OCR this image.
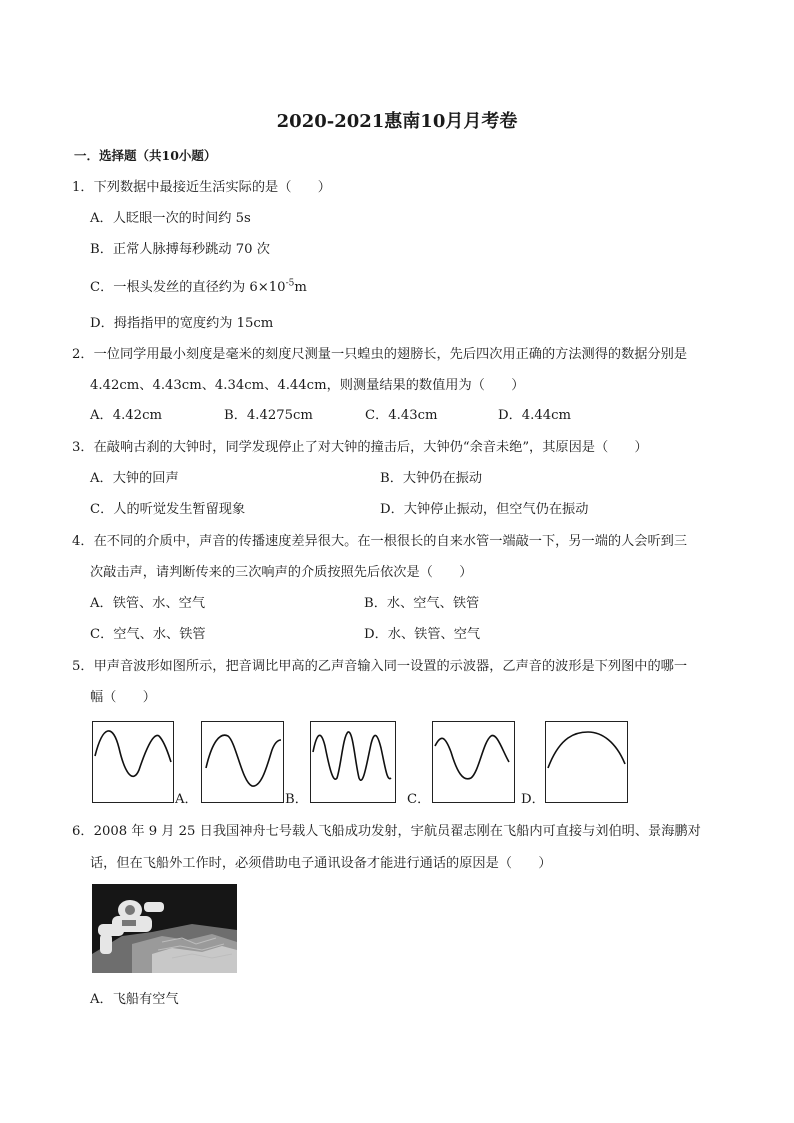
2020-2021惠南10月月考卷
一．选择题（共10小题）
1．下列数据中最接近生活实际的是（　　）
A．人眨眼一次的时间约 5s
B．正常人脉搏每秒跳动 70 次
C．一根头发丝的直径约为 $6\times 10^{-5}m$
D．拇指指甲的宽度约为 15cm
2．一位同学用最小刻度是毫米的刻度尺测量一只蝗虫的翅膀长，先后四次用正确的方法测得的数据分别是
4.42cm、4.43cm、4.34cm、4.44cm，则测量结果的数值用为（　　）
A．4.42cm	B．4.4275cm	C．4.43cm	D．4.44cm
3．在敲响古刹的大钟时，同学发现停止了对大钟的撞击后，大钟仍“余音未绝”，其原因是（　　）
A．大钟的回声	B．大钟仍在振动
C．人的听觉发生暂留现象	D．大钟停止振动，但空气仍在振动
4．在不同的介质中，声音的传播速度差异很大。在一根很长的自来水管一端敲一下，另一端的人会听到三
次敲击声，请判断传来的三次响声的介质按照先后依次是（　　）
A．铁管、水、空气	B．水、空气、铁管
C．空气、水、铁管	D．水、铁管、空气
5．甲声音波形如图所示，把音调比甲高的乙声音输入同一设置的示波器，乙声音的波形是下列图中的哪一
幅（　　）
A．	B．	C．	D．
6．2008 年 9 月 25 日我国神舟七号载人飞船成功发射，宇航员翟志刚在飞船内可直接与刘伯明、景海鹏对
话，但在飞船外工作时，必须借助电子通讯设备才能进行通话的原因是（　　）
A．飞船有空气
